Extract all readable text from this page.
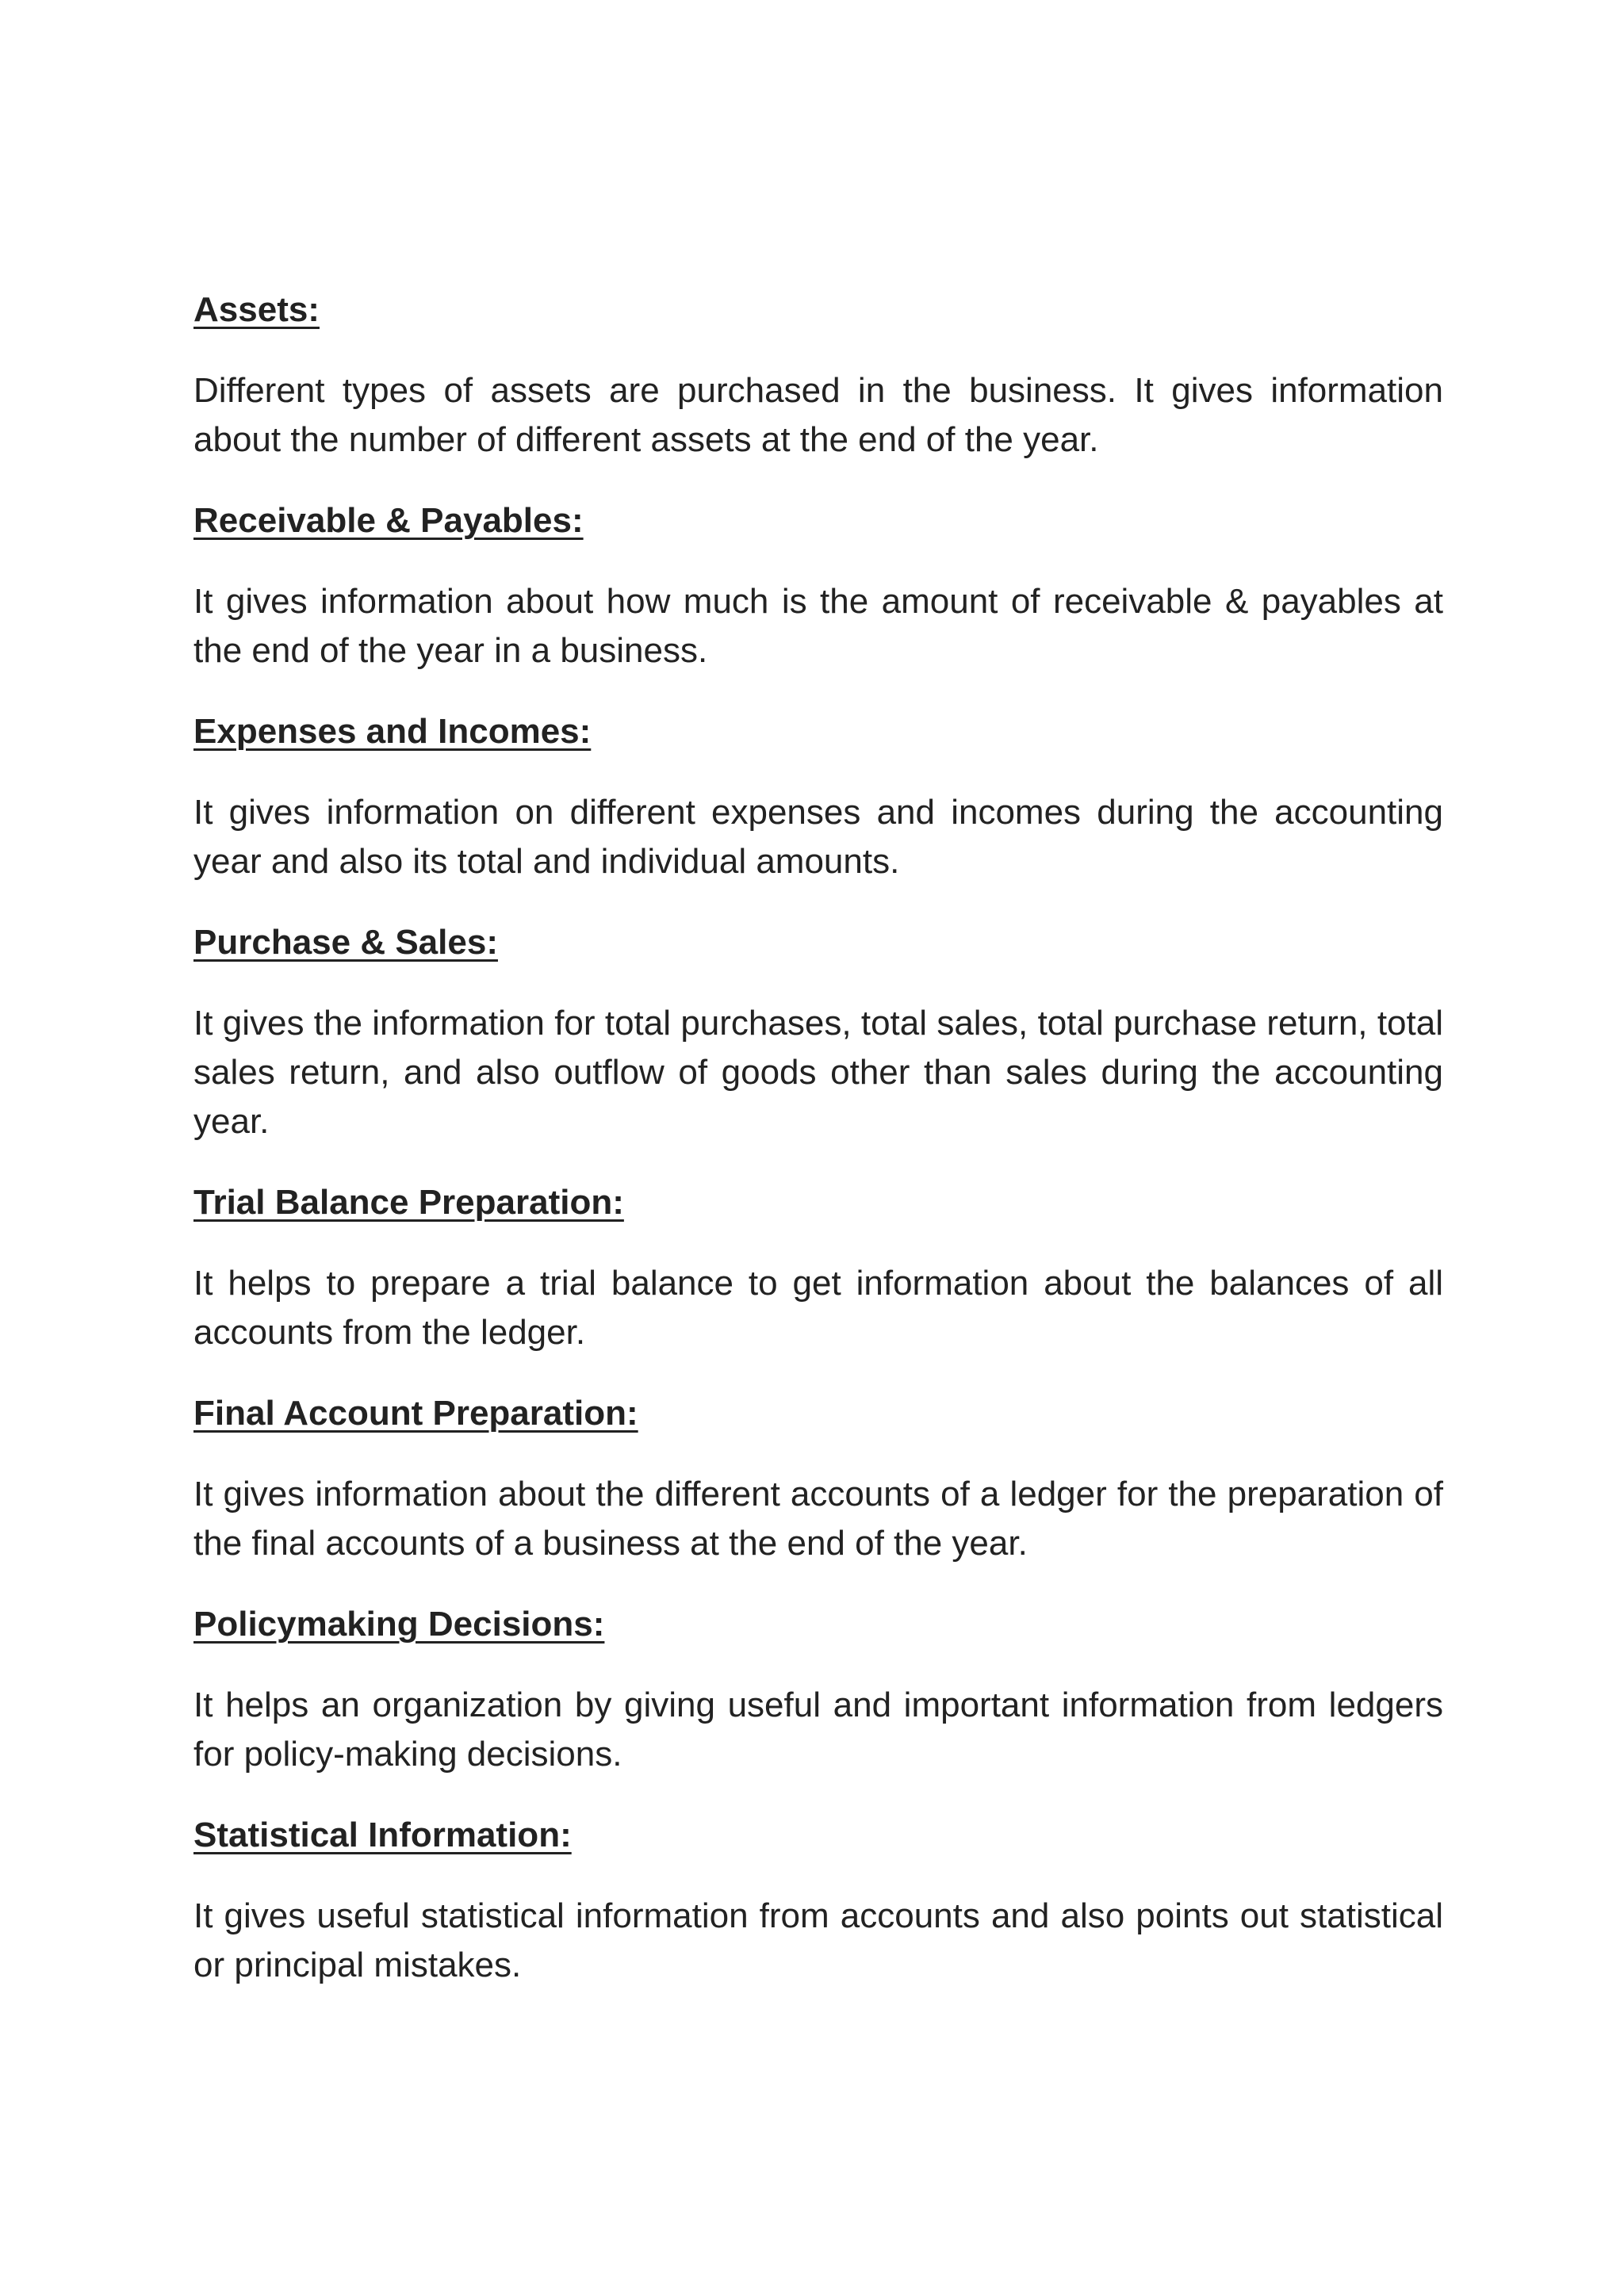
Assets:

Different types of assets are purchased in the business. It gives information about the number of different assets at the end of the year.

Receivable & Payables:

It gives information about how much is the amount of receivable & payables at the end of the year in a business.

Expenses and Incomes:

It gives information on different expenses and incomes during the accounting year and also its total and individual amounts.

Purchase & Sales:

It gives the information for total purchases, total sales, total purchase return, total sales return, and also outflow of goods other than sales during the accounting year.

Trial Balance Preparation:

It helps to prepare a trial balance to get information about the balances of all accounts from the ledger.

Final Account Preparation:

It gives information about the different accounts of a ledger for the preparation of the final accounts of a business at the end of the year.

Policymaking Decisions:

It helps an organization by giving useful and important information from ledgers for policy-making decisions.

Statistical Information:

It gives useful statistical information from accounts and also points out statistical or principal mistakes.
